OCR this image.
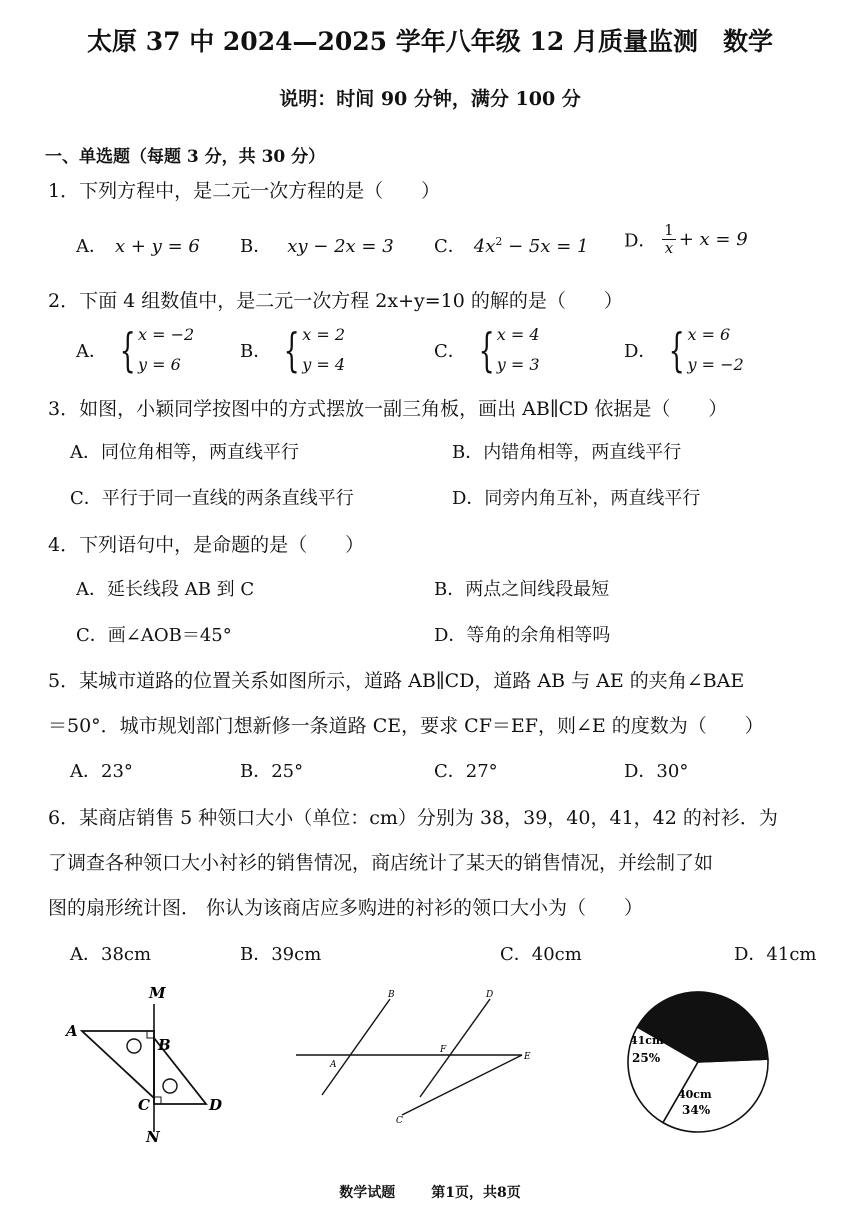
太原 37 中 2024—2025 学年八年级 12 月质量监测　数学
说明：时间 90 分钟，满分 100 分
一、单选题（每题 3 分，共 30 分）
1．下列方程中，是二元一次方程的是（　　）
A． x + y = 6 B． xy − 2x = 3 C． $4x^2 - 5x = 1$ D． $\frac{1}{x} + x = 9$
2．下面 4 组数值中，是二元一次方程 2x+y=10 的解的是（　　）
A． { x = −2
y = 6
B． { x = 2
y = 4
C． { x = 4
y = 3
D． { x = 6
y = −2
3．如图，小颖同学按图中的方式摆放一副三角板，画出 AB∥CD 依据是（　　）
A．同位角相等，两直线平行	B．内错角相等，两直线平行
C．平行于同一直线的两条直线平行	D．同旁内角互补，两直线平行
4．下列语句中，是命题的是（　　）
A．延长线段 AB 到 C	B．两点之间线段最短
C．画∠AOB＝45°	D．等角的余角相等吗
5．某城市道路的位置关系如图所示，道路 AB∥CD，道路 AB 与 AE 的夹角∠BAE
＝50°．城市规划部门想新修一条道路 CE，要求 CF＝EF，则∠E 的度数为（　　）
A．23°	B．25°	C．27°	D．30°
6．某商店销售 5 种领口大小（单位：cm）分别为 38，39，40，41，42 的衬衫．为
了调查各种领口大小衬衫的销售情况，商店统计了某天的销售情况，并绘制了如
图的扇形统计图． 你认为该商店应多购进的衬衫的领口大小为（　　）
A．38cm	B．39cm	C．40cm	D．41cm
M
A
B
C	D
N
B	D
A
F
E
C
41cm
25%
40cm
34%
数学试题	第1页，共8页
